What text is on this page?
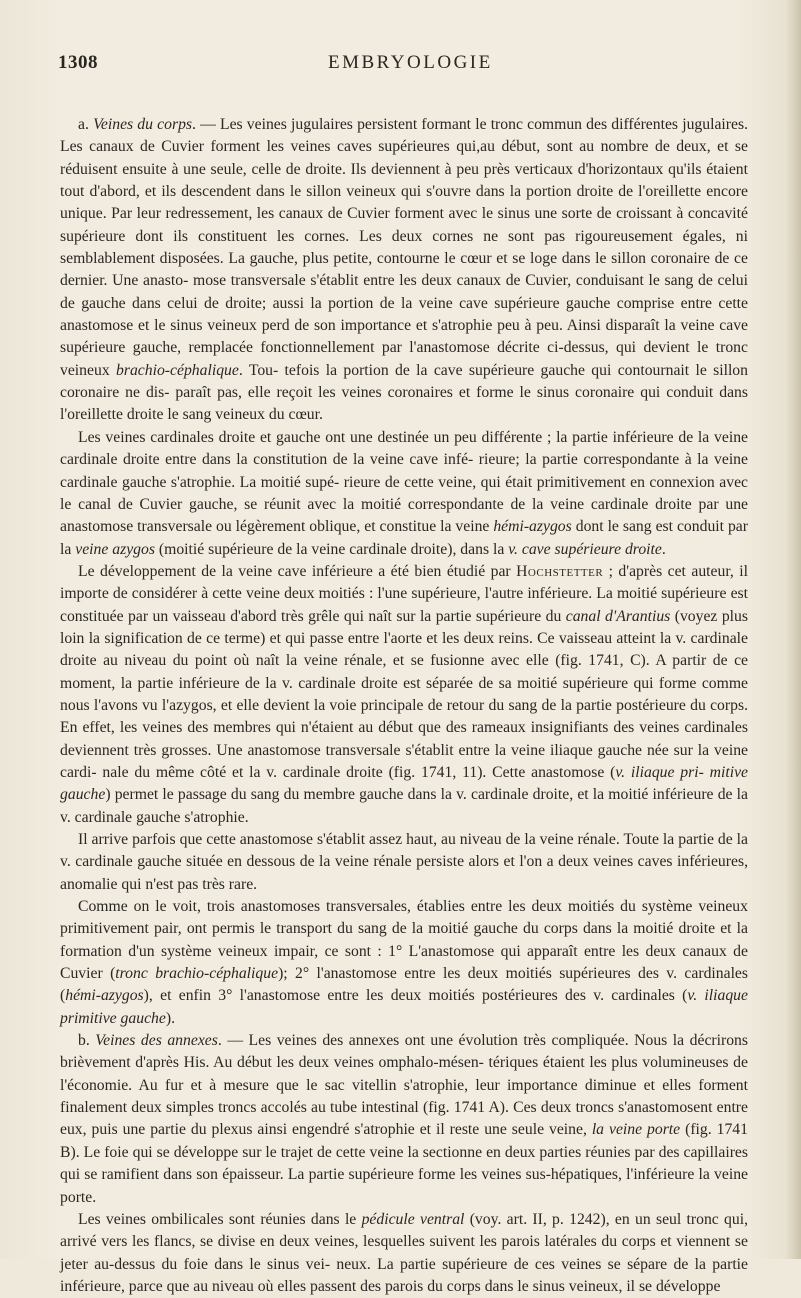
1308	EMBRYOLOGIE

a. Veines du corps. — Les veines jugulaires persistent formant le tronc commun des différentes jugulaires. Les canaux de Cuvier forment les veines caves supérieures qui,au début, sont au nombre de deux, et se réduisent ensuite à une seule, celle de droite. Ils deviennent à peu près verticaux d'horizontaux qu'ils étaient tout d'abord, et ils descendent dans le sillon veineux qui s'ouvre dans la portion droite de l'oreillette encore unique. Par leur redressement, les canaux de Cuvier forment avec le sinus une sorte de croissant à concavité supérieure dont ils constituent les cornes. Les deux cornes ne sont pas rigoureusement égales, ni semblablement disposées. La gauche, plus petite, contourne le cœur et se loge dans le sillon coronaire de ce dernier. Une anasto- mose transversale s'établit entre les deux canaux de Cuvier, conduisant le sang de celui de gauche dans celui de droite; aussi la portion de la veine cave supérieure gauche comprise entre cette anastomose et le sinus veineux perd de son importance et s'atrophie peu à peu. Ainsi disparaît la veine cave supérieure gauche, remplacée fonctionnellement par l'anastomose décrite ci-dessus, qui devient le tronc veineux brachio-céphalique. Tou- tefois la portion de la cave supérieure gauche qui contournait le sillon coronaire ne dis- paraît pas, elle reçoit les veines coronaires et forme le sinus coronaire qui conduit dans l'oreillette droite le sang veineux du cœur.

Les veines cardinales droite et gauche ont une destinée un peu différente ; la partie inférieure de la veine cardinale droite entre dans la constitution de la veine cave infé- rieure; la partie correspondante à la veine cardinale gauche s'atrophie. La moitié supé- rieure de cette veine, qui était primitivement en connexion avec le canal de Cuvier gauche, se réunit avec la moitié correspondante de la veine cardinale droite par une anastomose transversale ou légèrement oblique, et constitue la veine hémi-azygos dont le sang est conduit par la veine azygos (moitié supérieure de la veine cardinale droite), dans la v. cave supérieure droite.

Le développement de la veine cave inférieure a été bien étudié par Hochstetter ; d'après cet auteur, il importe de considérer à cette veine deux moitiés : l'une supérieure, l'autre inférieure. La moitié supérieure est constituée par un vaisseau d'abord très grêle qui naît sur la partie supérieure du canal d'Arantius (voyez plus loin la signification de ce terme) et qui passe entre l'aorte et les deux reins. Ce vaisseau atteint la v. cardinale droite au niveau du point où naît la veine rénale, et se fusionne avec elle (fig. 1741, C). A partir de ce moment, la partie inférieure de la v. cardinale droite est séparée de sa moitié supérieure qui forme comme nous l'avons vu l'azygos, et elle devient la voie principale de retour du sang de la partie postérieure du corps. En effet, les veines des membres qui n'étaient au début que des rameaux insignifiants des veines cardinales deviennent très grosses. Une anastomose transversale s'établit entre la veine iliaque gauche née sur la veine cardi- nale du même côté et la v. cardinale droite (fig. 1741, 11). Cette anastomose (v. iliaque pri- mitive gauche) permet le passage du sang du membre gauche dans la v. cardinale droite, et la moitié inférieure de la v. cardinale gauche s'atrophie.

Il arrive parfois que cette anastomose s'établit assez haut, au niveau de la veine rénale. Toute la partie de la v. cardinale gauche située en dessous de la veine rénale persiste alors et l'on a deux veines caves inférieures, anomalie qui n'est pas très rare.

Comme on le voit, trois anastomoses transversales, établies entre les deux moitiés du système veineux primitivement pair, ont permis le transport du sang de la moitié gauche du corps dans la moitié droite et la formation d'un système veineux impair, ce sont : 1° L'anastomose qui apparaît entre les deux canaux de Cuvier (tronc brachio-céphalique); 2° l'anastomose entre les deux moitiés supérieures des v. cardinales (hémi-azygos), et enfin 3° l'anastomose entre les deux moitiés postérieures des v. cardinales (v. iliaque primitive gauche).

b. Veines des annexes. — Les veines des annexes ont une évolution très compliquée. Nous la décrirons brièvement d'après His. Au début les deux veines omphalo-mésen- tériques étaient les plus volumineuses de l'économie. Au fur et à mesure que le sac vitellin s'atrophie, leur importance diminue et elles forment finalement deux simples troncs accolés au tube intestinal (fig. 1741 A). Ces deux troncs s'anastomosent entre eux, puis une partie du plexus ainsi engendré s'atrophie et il reste une seule veine, la veine porte (fig. 1741 B). Le foie qui se développe sur le trajet de cette veine la sectionne en deux parties réunies par des capillaires qui se ramifient dans son épaisseur. La partie supérieure forme les veines sus-hépatiques, l'inférieure la veine porte.

Les veines ombilicales sont réunies dans le pédicule ventral (voy. art. II, p. 1242), en un seul tronc qui, arrivé vers les flancs, se divise en deux veines, lesquelles suivent les parois latérales du corps et viennent se jeter au-dessus du foie dans le sinus vei- neux. La partie supérieure de ces veines se sépare de la partie inférieure, parce que au niveau où elles passent des parois du corps dans le sinus veineux, il se développe
